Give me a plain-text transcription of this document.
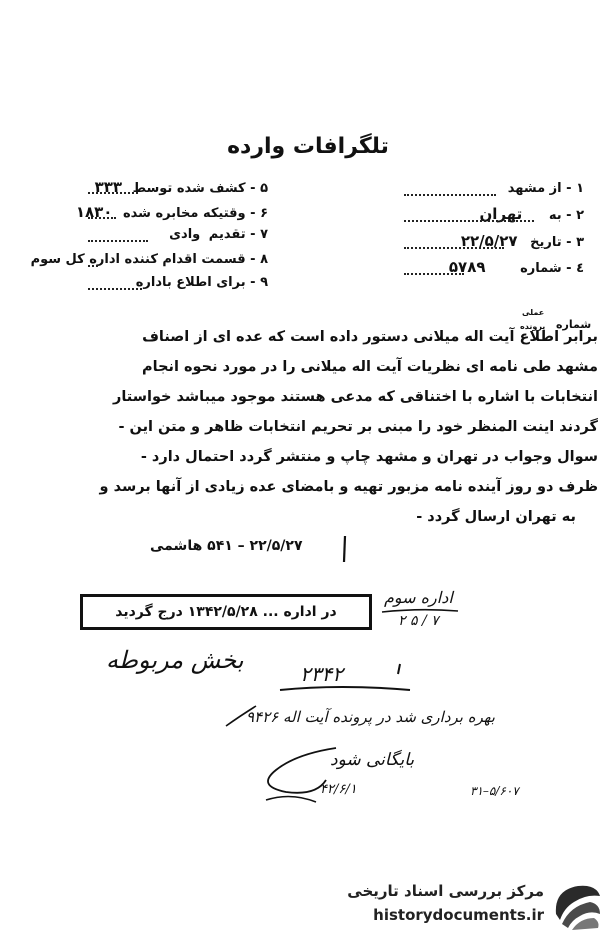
تلگرافات وارده
۱ - از مشهد
۲ - به تهران
۳ - تاریخ ۲۲/۵/۲۷
٤ - شماره ۵۷۸۹
۵ - کشف شده توسط ۳۳۳
۶ - وقتیکه مخابره شده ۱۸۳۰
۷ - تقدیم وادی
۸ - قسمت اقدام کننده اداره کل سوم
۹ - برای اطلاع باداره
شماره
عملی
پرونده
برابر اطلاع آیت اله میلانی دستور داده است که عده ای از اصناف
مشهد طی نامه ای نظریات آیت اله میلانی را در مورد نحوه انجام
انتخابات با اشاره با اختناقی که مدعی هستند موجود میباشد خواستار
گردند اینت المنظر خود را مبنی بر تحریم انتخابات ظاهر و متن این -
سوال وجواب در تهران و مشهد چاپ و منتشر گردد احتمال دارد -
ظرف دو روز آینده نامه مزبور تهیه و بامضای عده زیادی از آنها برسد و
به تهران ارسال گردد -
۲۲/۵/۲۷ – ۵۴۱ هاشمی
در اداره ... ۱۳۴۲/۵/۲۸ درج گردید
اداره سوم
۷ / ۵ ۲
بخش مربوطه	۲۳۴۲
بهره برداری شد در پرونده آیت اله ۹۴۲۶
بایگانی شود
۴۲/۶/۱	۵/۶۰۷–۳۱
مرکز بررسی اسناد تاریخی
historydocuments.ir
